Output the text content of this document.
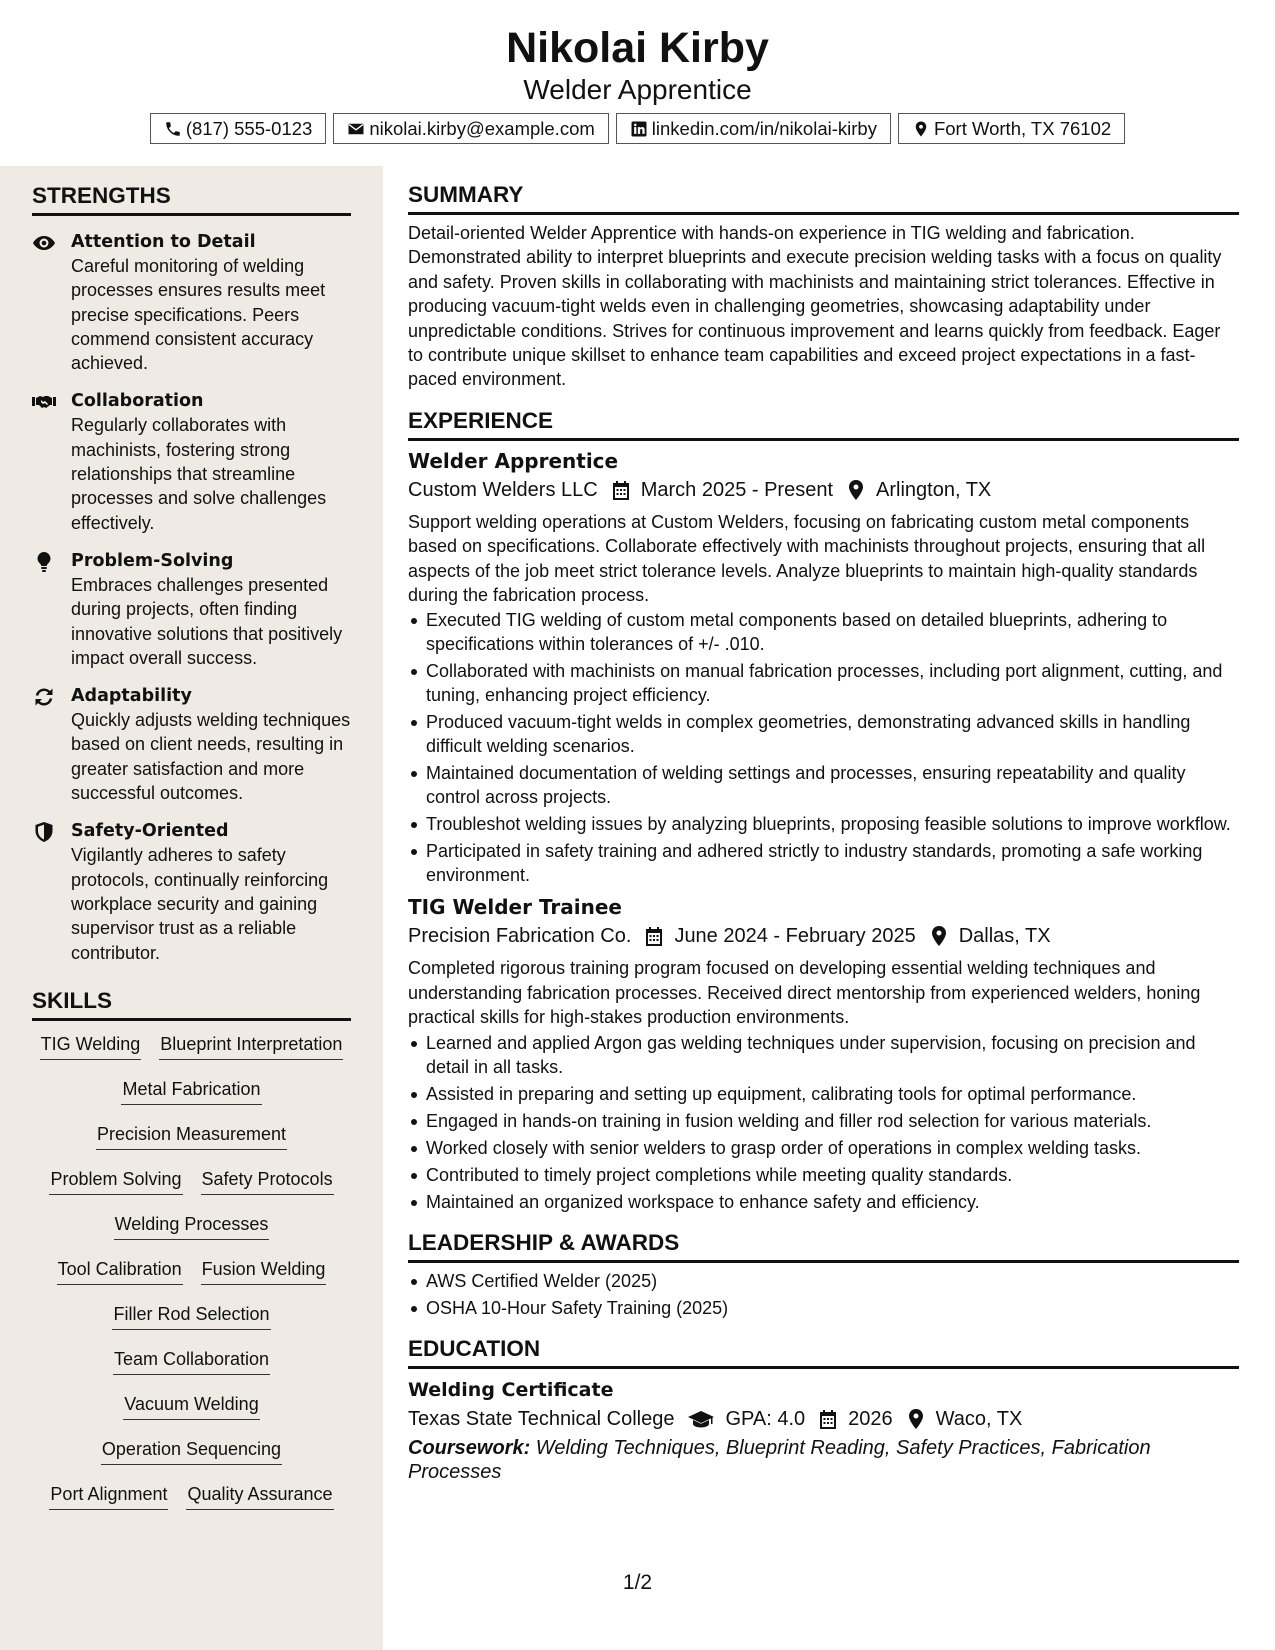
Nikolai Kirby
Welder Apprentice
(817) 555-0123	nikolai.kirby@example.com	linkedin.com/in/nikolai-kirby	Fort Worth, TX 76102
STRENGTHS
Attention to Detail
Careful monitoring of welding processes ensures results meet precise specifications. Peers commend consistent accuracy achieved.
Collaboration
Regularly collaborates with machinists, fostering strong relationships that streamline processes and solve challenges effectively.
Problem-Solving
Embraces challenges presented during projects, often finding innovative solutions that positively impact overall success.
Adaptability
Quickly adjusts welding techniques based on client needs, resulting in greater satisfaction and more successful outcomes.
Safety-Oriented
Vigilantly adheres to safety protocols, continually reinforcing workplace security and gaining supervisor trust as a reliable contributor.
SKILLS
TIG Welding Blueprint Interpretation
Metal Fabrication
Precision Measurement
Problem Solving Safety Protocols
Welding Processes
Tool Calibration Fusion Welding
Filler Rod Selection
Team Collaboration
Vacuum Welding
Operation Sequencing
Port Alignment Quality Assurance
SUMMARY
Detail-oriented Welder Apprentice with hands-on experience in TIG welding and fabrication. Demonstrated ability to interpret blueprints and execute precision welding tasks with a focus on quality and safety. Proven skills in collaborating with machinists and maintaining strict tolerances. Effective in producing vacuum-tight welds even in challenging geometries, showcasing adaptability under unpredictable conditions. Strives for continuous improvement and learns quickly from feedback. Eager to contribute unique skillset to enhance team capabilities and exceed project expectations in a fast-paced environment.
EXPERIENCE
Welder Apprentice
Custom Welders LLC March 2025 - Present Arlington, TX
Support welding operations at Custom Welders, focusing on fabricating custom metal components based on specifications. Collaborate effectively with machinists throughout projects, ensuring that all aspects of the job meet strict tolerance levels. Analyze blueprints to maintain high-quality standards during the fabrication process.
Executed TIG welding of custom metal components based on detailed blueprints, adhering to specifications within tolerances of +/- .010.
Collaborated with machinists on manual fabrication processes, including port alignment, cutting, and tuning, enhancing project efficiency.
Produced vacuum-tight welds in complex geometries, demonstrating advanced skills in handling difficult welding scenarios.
Maintained documentation of welding settings and processes, ensuring repeatability and quality control across projects.
Troubleshot welding issues by analyzing blueprints, proposing feasible solutions to improve workflow.
Participated in safety training and adhered strictly to industry standards, promoting a safe working environment.
TIG Welder Trainee
Precision Fabrication Co. June 2024 - February 2025 Dallas, TX
Completed rigorous training program focused on developing essential welding techniques and understanding fabrication processes. Received direct mentorship from experienced welders, honing practical skills for high-stakes production environments.
Learned and applied Argon gas welding techniques under supervision, focusing on precision and detail in all tasks.
Assisted in preparing and setting up equipment, calibrating tools for optimal performance.
Engaged in hands-on training in fusion welding and filler rod selection for various materials.
Worked closely with senior welders to grasp order of operations in complex welding tasks.
Contributed to timely project completions while meeting quality standards.
Maintained an organized workspace to enhance safety and efficiency.
LEADERSHIP & AWARDS
AWS Certified Welder (2025)
OSHA 10-Hour Safety Training (2025)
EDUCATION
Welding Certificate
Texas State Technical College	GPA: 4.0 2026 Waco, TX
Coursework: Welding Techniques, Blueprint Reading, Safety Practices, Fabrication Processes
1/2
